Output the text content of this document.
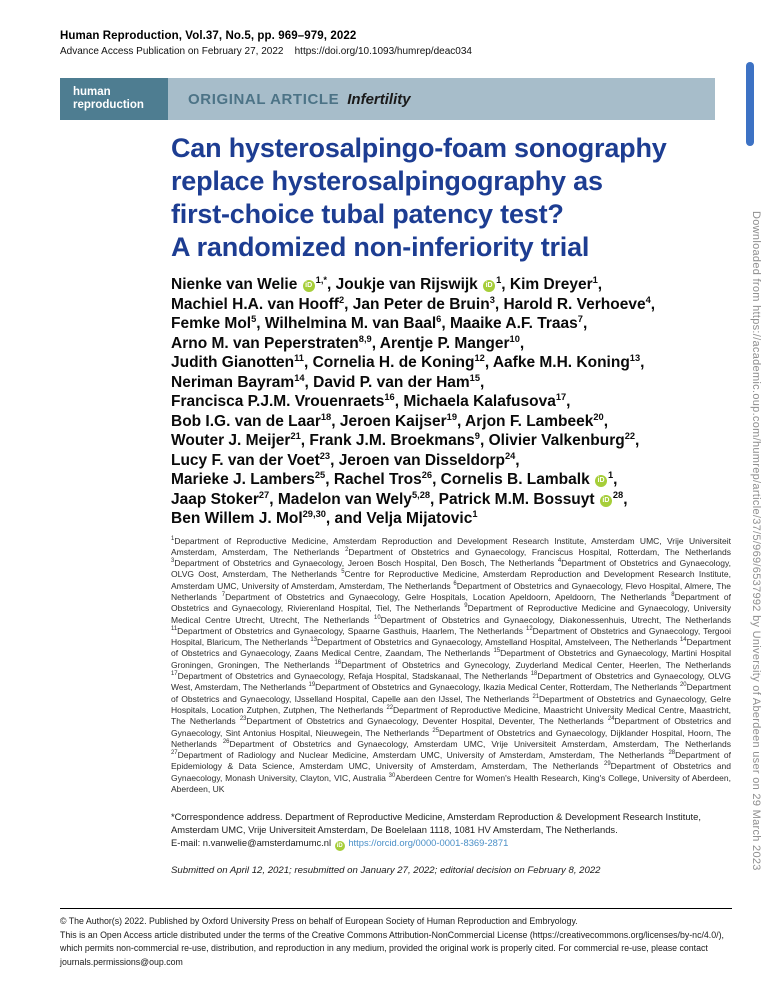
Human Reproduction, Vol.37, No.5, pp. 969–979, 2022
Advance Access Publication on February 27, 2022 https://doi.org/10.1093/humrep/deac034
human
reproduction	ORIGINAL ARTICLE Infertility
Can hysterosalpingo-foam sonography
replace hysterosalpingography as
first-choice tubal patency test?
A randomized non-inferiority trial
Nienke van Welie $iD^{1,*}$, Joukje van Rijswijk $iD^1$, Kim Dreyer$^1$,
Machiel H.A. van Hooff$^2$, Jan Peter de Bruin$^3$, Harold R. Verhoeve$^4$,
Femke Mol$^5$, Wilhelmina M. van Baal$^6$, Maaike A.F. Traas$^7$,
Arno M. van Peperstraten$^{8,9}$, Arentje P. Manger$^{10}$,
Judith Gianotten$^{11}$, Cornelia H. de Koning$^{12}$, Aafke M.H. Koning$^{13}$,
Neriman Bayram$^{14}$, David P. van der Ham$^{15}$,
Francisca P.J.M. Vrouenraets$^{16}$, Michaela Kalafusova$^{17}$,
Bob I.G. van de Laar$^{18}$, Jeroen Kaijser$^{19}$, Arjon F. Lambeek$^{20}$,
Wouter J. Meijer$^{21}$, Frank J.M. Broekmans$^9$, Olivier Valkenburg$^{22}$,
Lucy F. van der Voet$^{23}$, Jeroen van Disseldorp$^{24}$,
Marieke J. Lambers$^{25}$, Rachel Tros$^{26}$, Cornelis B. Lambalk $iD^1$,
Jaap Stoker$^{27}$, Madelon van Wely$^{5,28}$, Patrick M.M. Bossuyt $iD^{28}$,
Ben Willem J. Mol$^{29,30}$, and Velja Mijatovic$^1$

$^1$Department of Reproductive Medicine, Amsterdam Reproduction and Development Research Institute, Amsterdam UMC, Vrije Universiteit Amsterdam, Amsterdam, The Netherlands $^2$Department of Obstetrics and Gynaecology, Franciscus Hospital, Rotterdam, The Netherlands $^3$Department of Obstetrics and Gynaecology, Jeroen Bosch Hospital, Den Bosch, The Netherlands $^4$Department of Obstetrics and Gynaecology, OLVG Oost, Amsterdam, The Netherlands $^5$Centre for Reproductive Medicine, Amsterdam Reproduction and Development Research Institute, Amsterdam UMC, University of Amsterdam, Amsterdam, The Netherlands $^6$Department of Obstetrics and Gynaecology, Flevo Hospital, Almere, The Netherlands $^7$Department of Obstetrics and Gynaecology, Gelre Hospitals, Location Apeldoorn, Apeldoorn, The Netherlands $^8$Department of Obstetrics and Gynaecology, Rivierenland Hospital, Tiel, The Netherlands $^9$Department of Reproductive Medicine and Gynaecology, University Medical Centre Utrecht, Utrecht, The Netherlands $^{10}$Department of Obstetrics and Gynaecology, Diakonessenhuis, Utrecht, The Netherlands $^{11}$Department of Obstetrics and Gynaecology, Spaarne Gasthuis, Haarlem, The Netherlands $^{12}$Department of Obstetrics and Gynaecology, Tergooi Hospital, Blaricum, The Netherlands $^{13}$Department of Obstetrics and Gynaecology, Amstelland Hospital, Amstelveen, The Netherlands $^{14}$Department of Obstetrics and Gynaecology, Zaans Medical Centre, Zaandam, The Netherlands $^{15}$Department of Obstetrics and Gynaecology, Martini Hospital Groningen, Groningen, The Netherlands $^{16}$Department of Obstetrics and Gynecology, Zuyderland Medical Center, Heerlen, The Netherlands $^{17}$Department of Obstetrics and Gynaecology, Refaja Hospital, Stadskanaal, The Netherlands $^{18}$Department of Obstetrics and Gynaecology, OLVG West, Amsterdam, The Netherlands $^{19}$Department of Obstetrics and Gynaecology, Ikazia Medical Center, Rotterdam, The Netherlands $^{20}$Department of Obstetrics and Gynaecology, IJsselland Hospital, Capelle aan den IJssel, The Netherlands $^{21}$Department of Obstetrics and Gynaecology, Gelre Hospitals, Location Zutphen, Zutphen, The Netherlands $^{22}$Department of Reproductive Medicine, Maastricht University Medical Centre, Maastricht, The Netherlands $^{23}$Department of Obstetrics and Gynaecology, Deventer Hospital, Deventer, The Netherlands $^{24}$Department of Obstetrics and Gynaecology, Sint Antonius Hospital, Nieuwegein, The Netherlands $^{25}$Department of Obstetrics and Gynaecology, Dijklander Hospital, Hoorn, The Netherlands $^{26}$Department of Obstetrics and Gynaecology, Amsterdam UMC, Vrije Universiteit Amsterdam, Amsterdam, The Netherlands $^{27}$Department of Radiology and Nuclear Medicine, Amsterdam UMC, University of Amsterdam, Amsterdam, The Netherlands $^{28}$Department of Epidemiology & Data Science, Amsterdam UMC, University of Amsterdam, Amsterdam, The Netherlands $^{29}$Department of Obstetrics and Gynaecology, Monash University, Clayton, VIC, Australia $^{30}$Aberdeen Centre for Women's Health Research, King's College, University of Aberdeen, Aberdeen, UK

*Correspondence address. Department of Reproductive Medicine, Amsterdam Reproduction & Development Research Institute, Amsterdam UMC, Vrije Universiteit Amsterdam, De Boelelaan 1118, 1081 HV Amsterdam, The Netherlands.

E-mail: n.vanwelie@amsterdamumc.nl iD https://orcid.org/0000-0001-8369-2871

Submitted on April 12, 2021; resubmitted on January 27, 2022; editorial decision on February 8, 2022

© The Author(s) 2022. Published by Oxford University Press on behalf of European Society of Human Reproduction and Embryology.

This is an Open Access article distributed under the terms of the Creative Commons Attribution-NonCommercial License (https://creativecommons.org/licenses/by-nc/4.0/), which permits non-commercial re-use, distribution, and reproduction in any medium, provided the original work is properly cited. For commercial re-use, please contact journals.permissions@oup.com

Downloaded from https://academic.oup.com/humrep/article/37/5/969/6537992 by University of Aberdeen user on 29 March 2023
